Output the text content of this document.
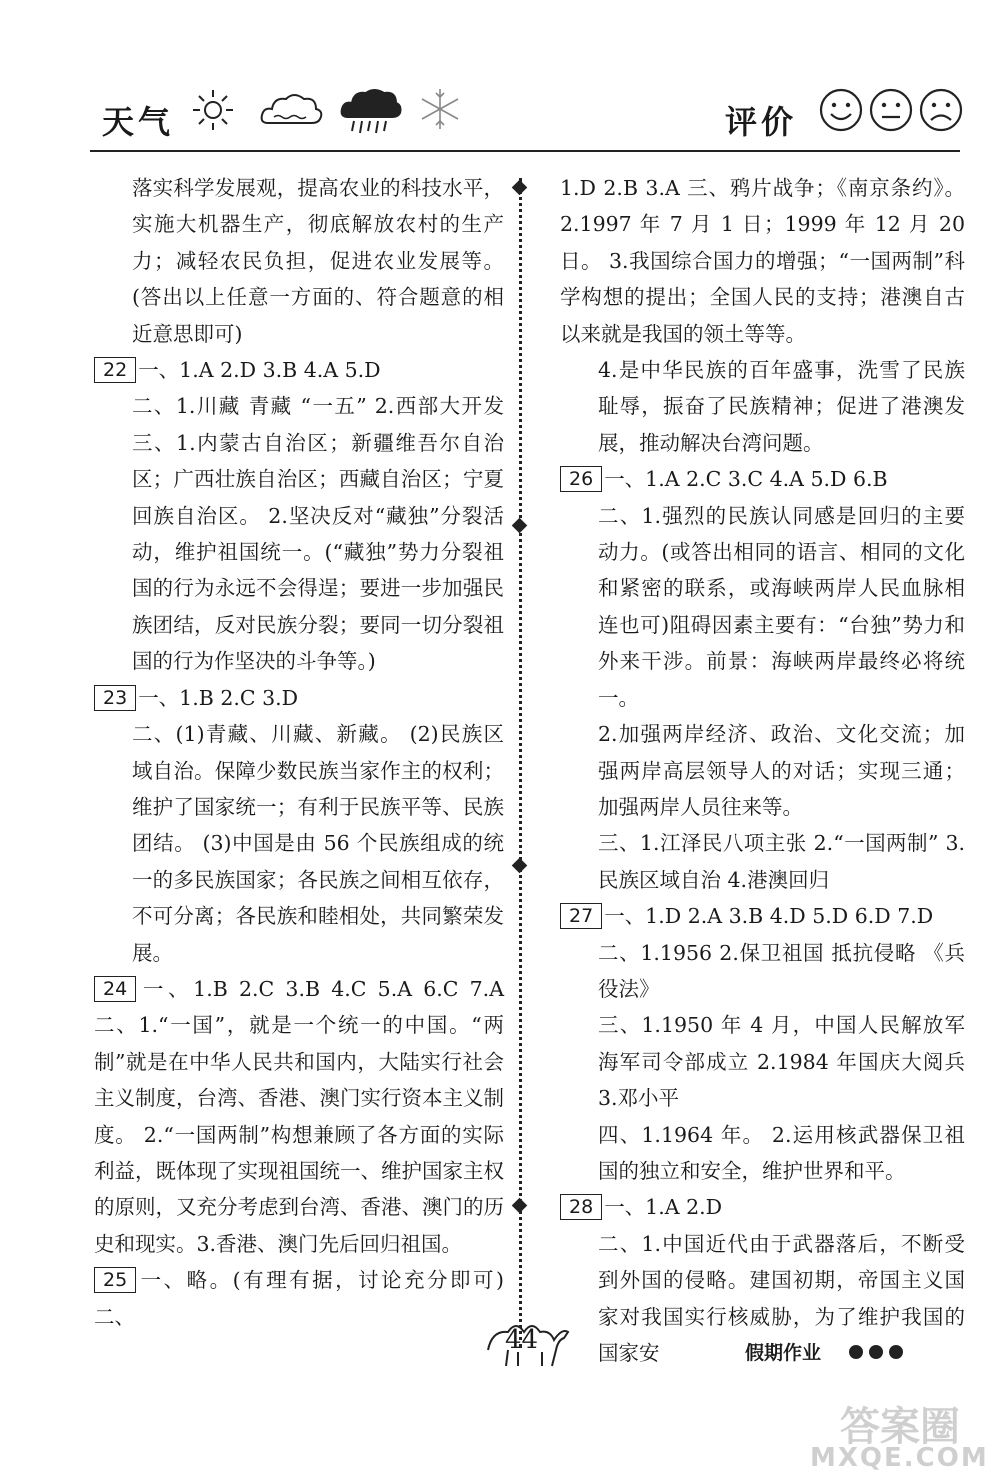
天气	评价

落实科学发展观，提高农业的科技水平，实施大机器生产，彻底解放农村的生产力；减轻农民负担，促进农业发展等。(答出以上任意一方面的、符合题意的相近意思即可)

22 一、1.A 2.D 3.B 4.A 5.D

二、1.川藏 青藏 “一五” 2.西部大开发 三、1.内蒙古自治区；新疆维吾尔自治区；广西壮族自治区；西藏自治区；宁夏回族自治区。 2.坚决反对“藏独”分裂活动，维护祖国统一。(“藏独”势力分裂祖国的行为永远不会得逞；要进一步加强民族团结，反对民族分裂；要同一切分裂祖国的行为作坚决的斗争等。)

23 一、1.B 2.C 3.D

二、(1)青藏、川藏、新藏。 (2)民族区域自治。保障少数民族当家作主的权利；维护了国家统一；有利于民族平等、民族团结。 (3)中国是由 56 个民族组成的统一的多民族国家；各民族之间相互依存，不可分离；各民族和睦相处，共同繁荣发展。

24 一、1.B 2.C 3.B 4.C 5.A 6.C 7.A 二、1.“一国”，就是一个统一的中国。“两制”就是在中华人民共和国内，大陆实行社会主义制度，台湾、香港、澳门实行资本主义制度。 2.“一国两制”构想兼顾了各方面的实际利益，既体现了实现祖国统一、维护国家主权的原则，又充分考虑到台湾、香港、澳门的历史和现实。3.香港、澳门先后回归祖国。

25 一、略。(有理有据，讨论充分即可) 二、

1.D 2.B 3.A 三、鸦片战争；《南京条约》。 2.1997 年 7 月 1 日；1999 年 12 月 20 日。 3.我国综合国力的增强；“一国两制”科学构想的提出；全国人民的支持；港澳自古以来就是我国的领土等等。

4.是中华民族的百年盛事，洗雪了民族耻辱，振奋了民族精神；促进了港澳发展，推动解决台湾问题。

26 一、1.A 2.C 3.C 4.A 5.D 6.B

二、1.强烈的民族认同感是回归的主要动力。(或答出相同的语言、相同的文化和紧密的联系，或海峡两岸人民血脉相连也可)阻碍因素主要有：“台独”势力和外来干涉。前景：海峡两岸最终必将统一。

2.加强两岸经济、政治、文化交流；加强两岸高层领导人的对话；实现三通；加强两岸人员往来等。

三、1.江泽民八项主张 2.“一国两制” 3.民族区域自治 4.港澳回归

27 一、1.D 2.A 3.B 4.D 5.D 6.D 7.D

二、1.1956 2.保卫祖国 抵抗侵略 《兵役法》

三、1.1950 年 4 月，中国人民解放军海军司令部成立 2.1984 年国庆大阅兵 3.邓小平

四、1.1964 年。 2.运用核武器保卫祖国的独立和安全，维护世界和平。

28 一、1.A 2.D

二、1.中国近代由于武器落后，不断受到外国的侵略。建国初期，帝国主义国家对我国实行核威胁，为了维护我国的国家安

44	假期作业
答案圈
MXQE.COM
